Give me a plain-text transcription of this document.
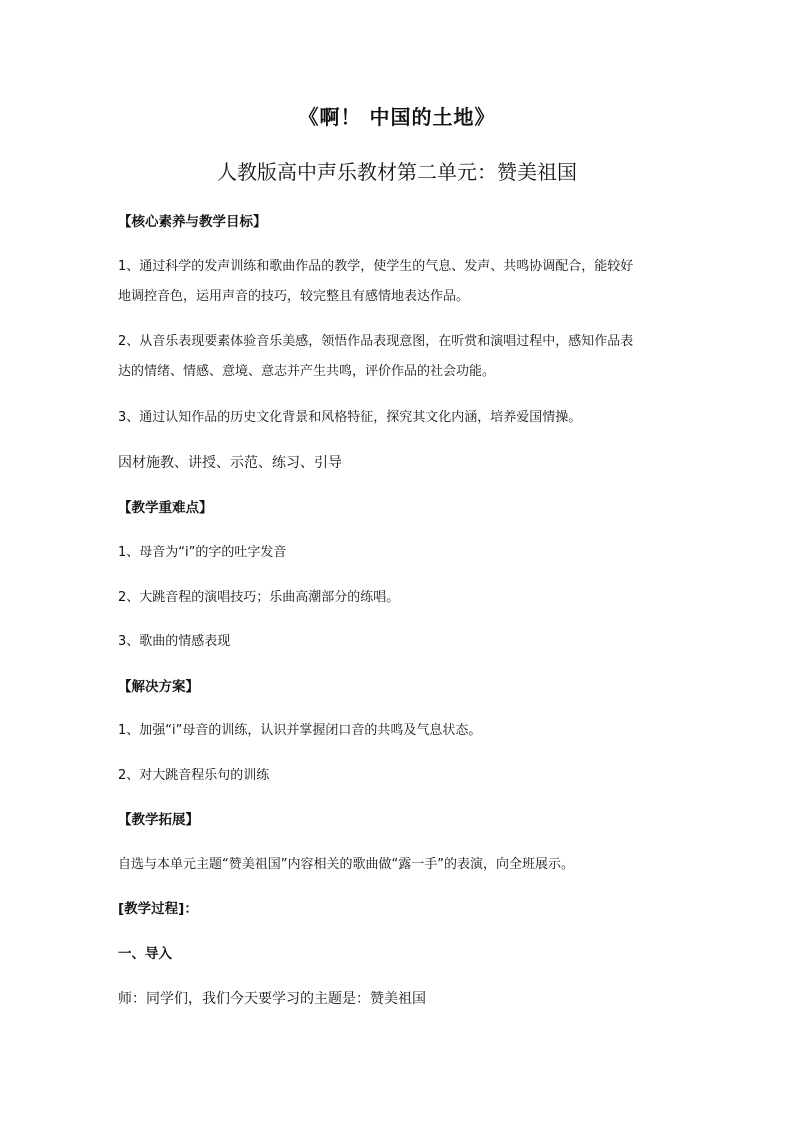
《啊！ 中国的土地》
人教版高中声乐教材第二单元：赞美祖国
【核心素养与教学目标】
1、通过科学的发声训练和歌曲作品的教学，使学生的气息、发声、共鸣协调配合，能较好
地调控音色，运用声音的技巧，较完整且有感情地表达作品。
2、从音乐表现要素体验音乐美感，领悟作品表现意图，在听赏和演唱过程中，感知作品表
达的情绪、情感、意境、意志并产生共鸣，评价作品的社会功能。
3、通过认知作品的历史文化背景和风格特征，探究其文化内涵，培养爱国情操。
因材施教、讲授、示范、练习、引导
【教学重难点】
1、母音为“i”的字的吐字发音
2、大跳音程的演唱技巧；乐曲高潮部分的练唱。
3、歌曲的情感表现
【解决方案】
1、加强“i”母音的训练，认识并掌握闭口音的共鸣及气息状态。
2、对大跳音程乐句的训练
【教学拓展】
自选与本单元主题“赞美祖国”内容相关的歌曲做“露一手”的表演，向全班展示。
[教学过程]：
一、导入
师：同学们，我们今天要学习的主题是：赞美祖国
